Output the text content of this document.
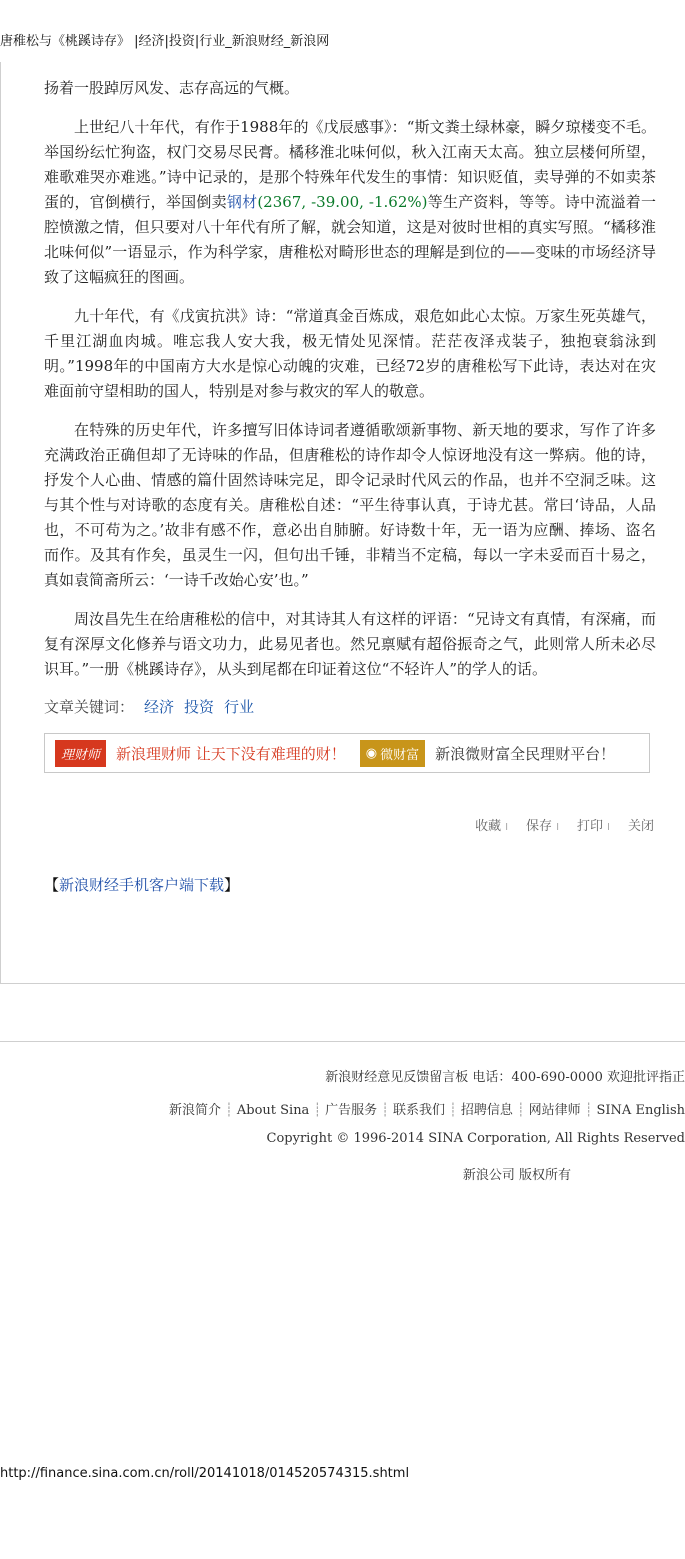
唐稚松与《桃蹊诗存》 |经济|投资|行业_新浪财经_新浪网

扬着一股踔厉风发、志存高远的气概。

上世纪八十年代，有作于1988年的《戊辰感事》：“斯文粪土绿林豪，瞬夕琼楼变不毛。举国纷纭忙狗盗，权门交易尽民膏。橘移淮北味何似，秋入江南天太高。独立层楼何所望，难歌难哭亦难逃。”诗中记录的，是那个特殊年代发生的事情：知识贬值，卖导弹的不如卖茶蛋的，官倒横行，举国倒卖钢材(2367, -39.00, -1.62%)等生产资料，等等。诗中流溢着一腔愤激之情，但只要对八十年代有所了解，就会知道，这是对彼时世相的真实写照。“橘移淮北味何似”一语显示，作为科学家，唐稚松对畸形世态的理解是到位的——变味的市场经济导致了这幅疯狂的图画。

九十年代，有《戊寅抗洪》诗：“常道真金百炼成，艰危如此心太惊。万家生死英雄气，千里江湖血肉城。唯忘我人安大我，极无情处见深情。茫茫夜泽戎装子，独抱衰翁泳到明。”1998年的中国南方大水是惊心动魄的灾难，已经72岁的唐稚松写下此诗，表达对在灾难面前守望相助的国人，特别是对参与救灾的军人的敬意。

在特殊的历史年代，许多擅写旧体诗词者遵循歌颂新事物、新天地的要求，写作了许多充满政治正确但却了无诗味的作品，但唐稚松的诗作却令人惊讶地没有这一弊病。他的诗，抒发个人心曲、情感的篇什固然诗味完足，即令记录时代风云的作品，也并不空洞乏味。这与其个性与对诗歌的态度有关。唐稚松自述：“平生待事认真，于诗尤甚。常曰‘诗品，人品也，不可苟为之。’故非有感不作，意必出自肺腑。好诗数十年，无一语为应酬、捧场、盗名而作。及其有作矣，虽灵生一闪，但句出千锤，非精当不定稿，每以一字未妥而百十易之，真如袁简斋所云：‘一诗千改始心安’也。”

周汝昌先生在给唐稚松的信中，对其诗其人有这样的评语：“兄诗文有真情，有深痛，而复有深厚文化修养与语文功力，此易见者也。然兄禀赋有超俗振奇之气，此则常人所未必尽识耳。”一册《桃蹊诗存》，从头到尾都在印证着这位“不轻许人”的学人的话。

文章关键词： 经济 投资 行业
理财师	新浪理财师 让天下没有难理的财！ ◉ 微财富 新浪微财富全民理财平台！
收藏 I 保存 I 打印 I 关闭
【新浪财经手机客户端下载】
新浪财经意见反馈留言板 电话：400-690-0000 欢迎批评指正
新浪简介 ┊ About Sina ┊ 广告服务 ┊ 联系我们 ┊ 招聘信息 ┊ 网站律师 ┊ SINA English
Copyright © 1996-2014 SINA Corporation, All Rights Reserved
新浪公司 版权所有
http://finance.sina.com.cn/roll/20141018/014520574315.shtml
